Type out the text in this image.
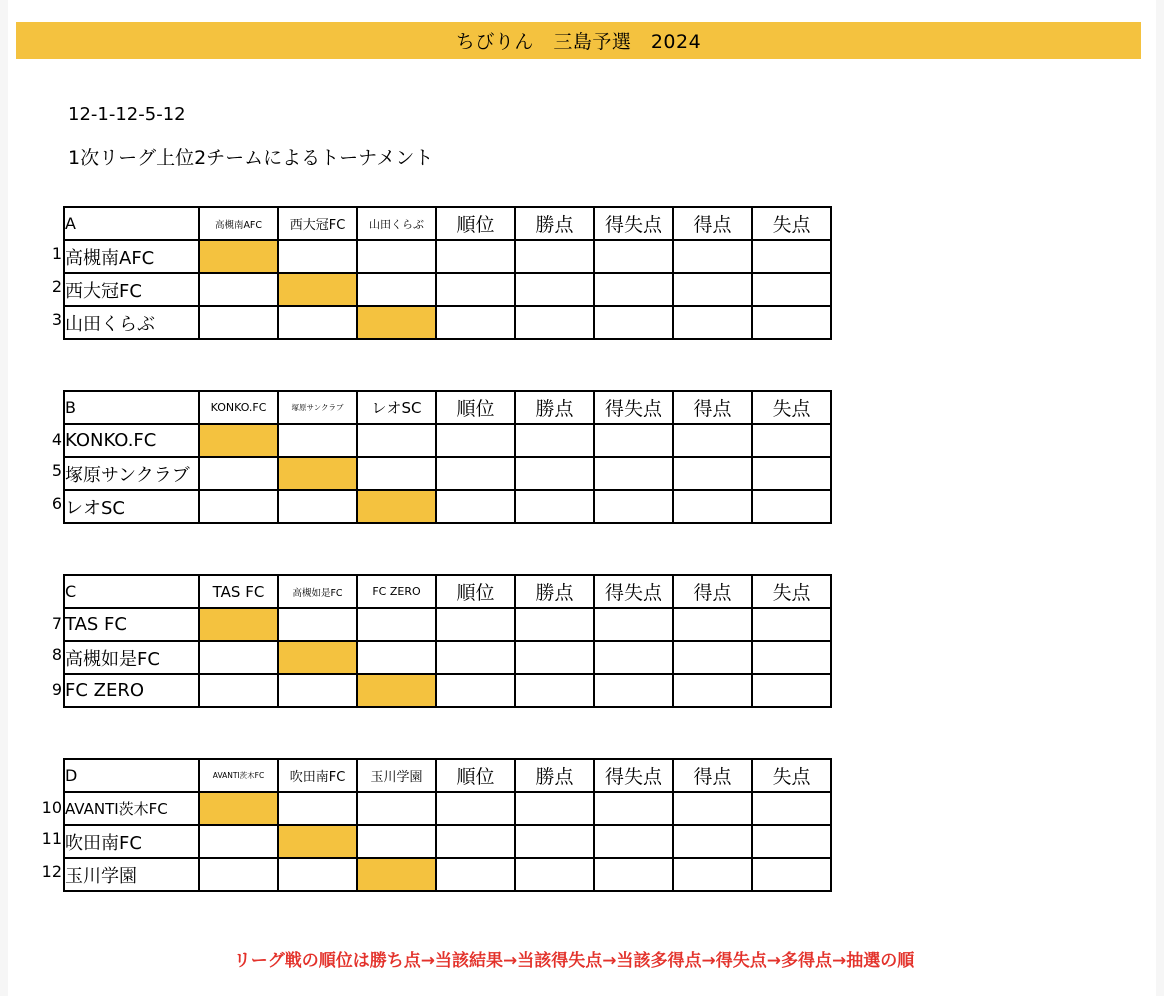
ちびりん　三島予選　2024
12-1-12-5-12
1次リーグ上位2チームによるトーナメント
A	高槻南AFC	西大冠FC	山田くらぶ	順位	勝点	得失点	得点	失点

1 高槻南AFC								

2 西大冠FC								

3 山田くらぶ								

B	KONKO.FC	塚原サンクラブ	レオSC	順位	勝点	得失点	得点	失点

4 KONKO.FC								

5 塚原サンクラブ								

6 レオSC								

C	TAS FC	高槻如是FC	FC ZERO	順位	勝点	得失点	得点	失点

7 TAS FC								

8 高槻如是FC								

9 FC ZERO								

D	AVANTI茨木FC	吹田南FC	玉川学園	順位	勝点	得失点	得点	失点

10 AVANTI茨木FC								

11 吹田南FC								

12 玉川学園								

リーグ戦の順位は勝ち点→当該結果→当該得失点→当該多得点→得失点→多得点→抽選の順
